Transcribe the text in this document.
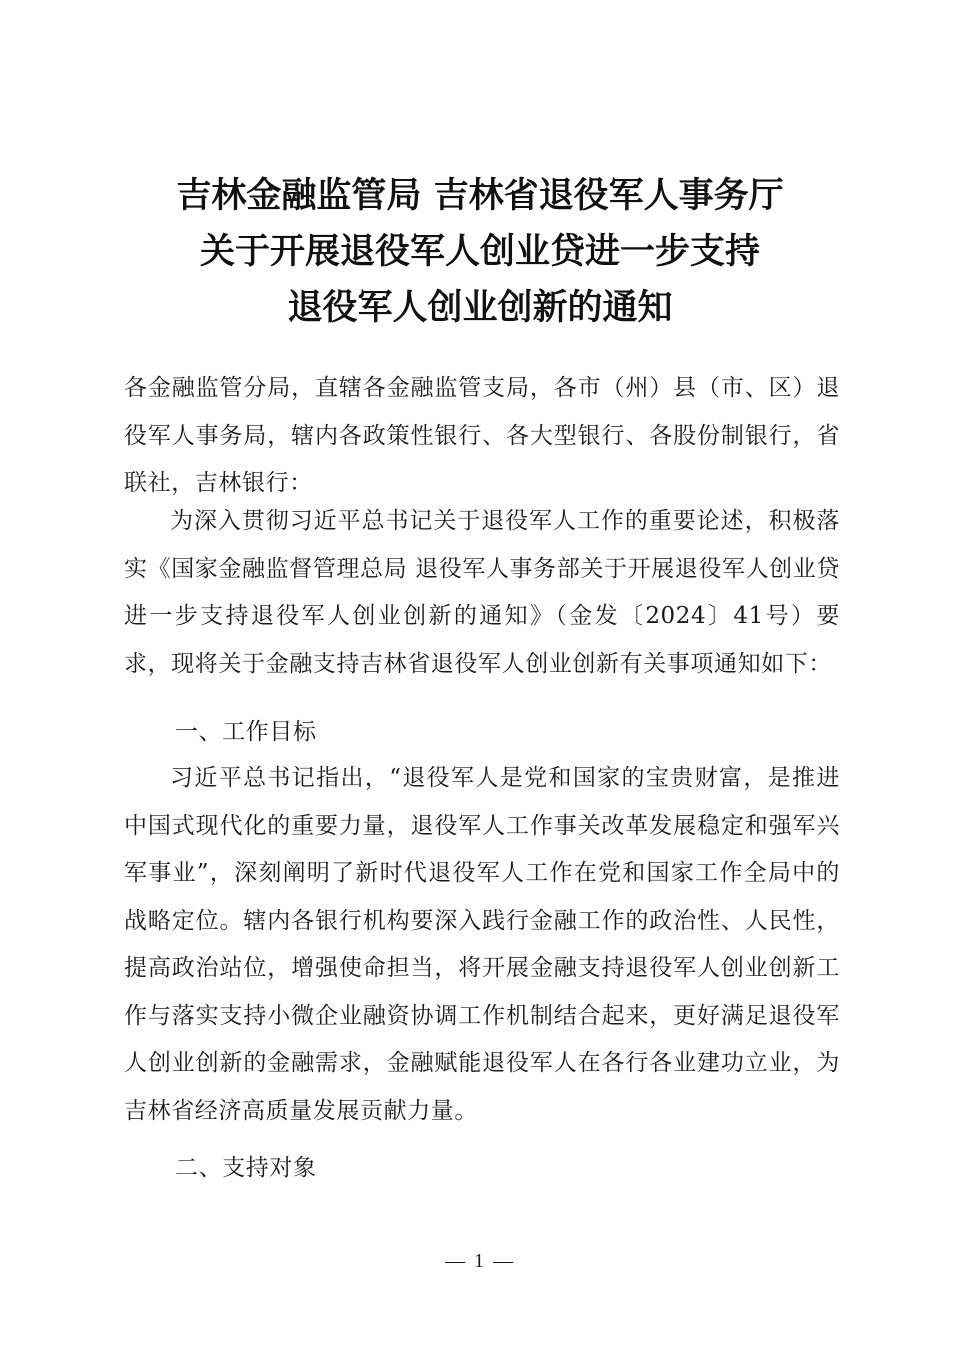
吉林金融监管局 吉林省退役军人事务厅
关于开展退役军人创业贷进一步支持
退役军人创业创新的通知
各金融监管分局，直辖各金融监管支局，各市（州）县（市、区）退役军人事务局，辖内各政策性银行、各大型银行、各股份制银行，省联社，吉林银行：
为深入贯彻习近平总书记关于退役军人工作的重要论述，积极落实《国家金融监督管理总局 退役军人事务部关于开展退役军人创业贷进一步支持退役军人创业创新的通知》（金发〔2024〕41号）要求，现将关于金融支持吉林省退役军人创业创新有关事项通知如下：
一、工作目标
习近平总书记指出，“退役军人是党和国家的宝贵财富，是推进中国式现代化的重要力量，退役军人工作事关改革发展稳定和强军兴军事业”，深刻阐明了新时代退役军人工作在党和国家工作全局中的战略定位。辖内各银行机构要深入践行金融工作的政治性、人民性，提高政治站位，增强使命担当，将开展金融支持退役军人创业创新工作与落实支持小微企业融资协调工作机制结合起来，更好满足退役军人创业创新的金融需求，金融赋能退役军人在各行各业建功立业，为吉林省经济高质量发展贡献力量。
二、支持对象
— 1 —
